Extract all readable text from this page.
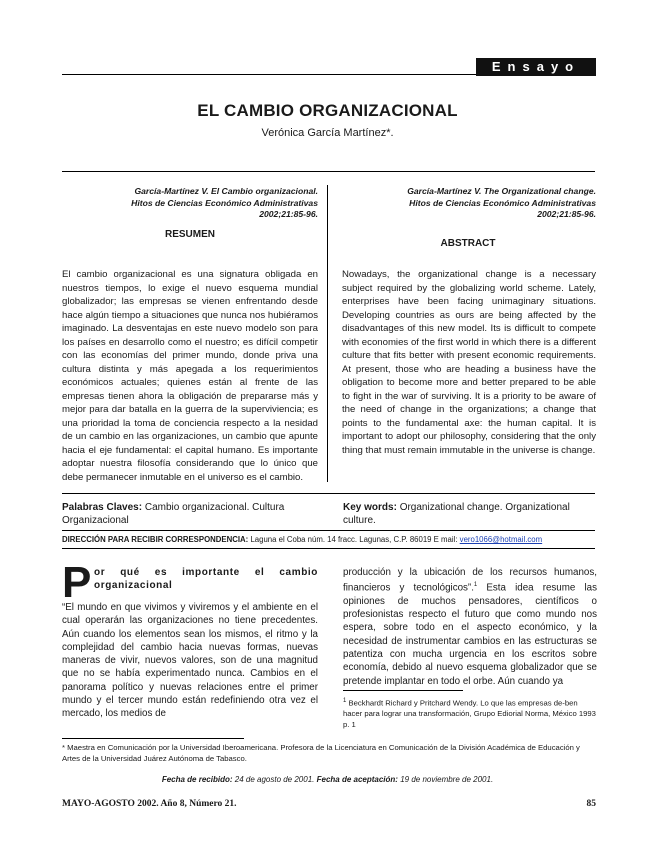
Ensayo
EL CAMBIO ORGANIZACIONAL
Verónica García Martínez*.
García-Martínez V. El Cambio organizacional.
Hitos de Ciencias Económico Administrativas
2002;21:85-96.
García-Martínez V. The Organizational change.
Hitos de Ciencias Económico Administrativas
2002;21:85-96.
RESUMEN
ABSTRACT
El cambio organizacional es una signatura obligada en nuestros tiempos, lo exige el nuevo esquema mundial globalizador; las empresas se vienen enfrentando desde hace algún tiempo a situaciones que nunca nos hubiéramos imaginado. La desventajas en este nuevo modelo son para los países en desarrollo como el nuestro; es difícil competir con las economías del primer mundo, donde priva una cultura distinta y más apegada a los requerimientos económicos actuales; quienes están al frente de las empresas tienen ahora la obligación de prepararse más y mejor para dar batalla en la guerra de la superviviencia; es una prioridad la toma de conciencia respecto a la nesidad de un cambio en las organizaciones, un cambio que apunte hacia el eje fundamental: el capital humano. Es importante adoptar nuestra filosofía considerando que lo único que debe permanecer inmutable en el universo es el cambio.
Nowadays, the organizational change is a necessary subject required by the globalizing world scheme. Lately, enterprises have been facing unimaginary situations. Developing countries as ours are being affected by the disadvantages of this new model. Its is difficult to compete with economies of the first world in which there is a different culture that fits better with present economic requirements. At present, those who are heading a business have the obligation to become more and better prepared to be able to fight in the war of surviving. It is a priority to be aware of the need of change in the organizations; a change that points to the fundamental axe: the human capital. It is important to adopt our philosophy, considering that the only thing that must remain immutable in the universe is change.
Palabras Claves: Cambio organizacional. Cultura Organizacional
Key words: Organizational change. Organizational culture.
DIRECCIÓN PARA RECIBIR CORRESPONDENCIA: Laguna el Coba núm. 14 fracc. Lagunas, C.P. 86019 E mail: vero1066@hotmail.com
P or qué es importante el cambio organizacional
“El mundo en que vivimos y viviremos y el ambiente en el cual operarán las organizaciones no tiene precedentes. Aún cuando los elementos sean los mismos, el ritmo y la complejidad del cambio hacia nuevas formas, nuevas maneras de vivir, nuevos valores, son de una magnitud que no se había experimentado nunca. Cambios en el panorama político y nuevas relaciones entre el primer mundo y el tercer mundo están redefiniendo otra vez el mercado, los medios de
producción y la ubicación de los recursos humanos, financieros y tecnológicos”.$^1$ Esta idea resume las opiniones de muchos pensadores, científicos o profesionistas respecto el futuro que como mundo nos espera, sobre todo en el aspecto económico, y la necesidad de instrumentar cambios en las estructuras se patentiza con mucha urgencia en los escritos sobre economía, debido al nuevo esquema globalizador que se pretende implantar en todo el orbe. Aún cuando ya
$^1$ Beckhardt Richard y Pritchard Wendy. Lo que las empresas de-ben hacer para lograr una transformación, Grupo Ediorial Norma, México 1993 p. 1
* Maestra en Comunicación por la Universidad Iberoamericana. Profesora de la Licenciatura en Comunicación de la División Académica de Educación y Artes de la Universidad Juárez Autónoma de Tabasco.
Fecha de recibido: 24 de agosto de 2001. Fecha de aceptación: 19 de noviembre de 2001.
MAYO-AGOSTO 2002. Año 8, Número 21.	85
